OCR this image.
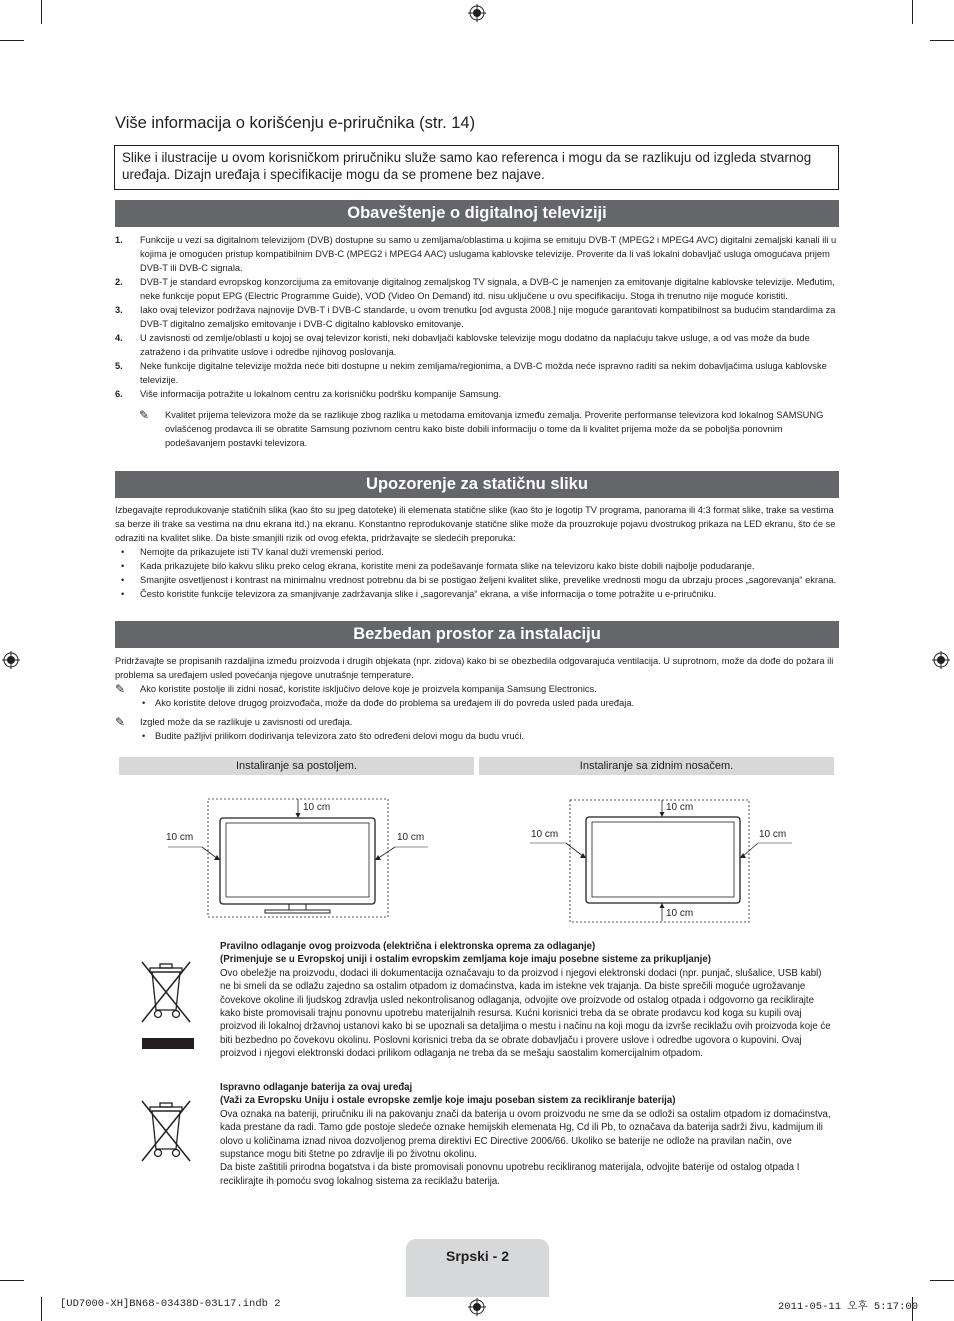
Više informacija o korišćenju e-priručnika (str. 14)
Slike i ilustracije u ovom korisničkom priručniku služe samo kao referenca i mogu da se razlikuju od izgleda stvarnog uređaja. Dizajn uređaja i specifikacije mogu da se promene bez najave.
Obaveštenje o digitalnoj televiziji
1. Funkcije u vezi sa digitalnom televizijom (DVB) dostupne su samo u zemljama/oblastima u kojima se emituju DVB-T (MPEG2 i MPEG4 AVC) digitalni zemaljski kanali ili u kojima je omogućen pristup kompatibilnim DVB-C (MPEG2 i MPEG4 AAC) uslugama kablovske televizije. Proverite da li vaš lokalni dobavljač usluga omogućava prijem DVB-T ili DVB-C signala.
2. DVB-T je standard evropskog konzorcijuma za emitovanje digitalnog zemaljskog TV signala, a DVB-C je namenjen za emitovanje digitalne kablovske televizije. Međutim, neke funkcije poput EPG (Electric Programme Guide), VOD (Video On Demand) itd. nisu uključene u ovu specifikaciju. Stoga ih trenutno nije moguće koristiti.
3. Iako ovaj televizor podržava najnovije DVB-T i DVB-C standarde, u ovom trenutku [od avgusta 2008.] nije moguće garantovati kompatibilnost sa budućim standardima za DVB-T digitalno zemaljsko emitovanje i DVB-C digitalno kablovsko emitovanje.
4. U zavisnosti od zemlje/oblasti u kojoj se ovaj televizor koristi, neki dobavljači kablovske televizije mogu dodatno da naplaćuju takve usluge, a od vas može da bude zatraženo i da prihvatite uslove i odredbe njihovog poslovanja.
5. Neke funkcije digitalne televizije možda neće biti dostupne u nekim zemljama/regionima, a DVB-C možda neće ispravno raditi sa nekim dobavljačima usluga kablovske televizije.
6. Više informacija potražite u lokalnom centru za korisničku podršku kompanije Samsung.
✎ Kvalitet prijema televizora može da se razlikuje zbog razlika u metodama emitovanja između zemalja. Proverite performanse televizora kod lokalnog SAMSUNG ovlašćenog prodavca ili se obratite Samsung pozivnom centru kako biste dobili informaciju o tome da li kvalitet prijema može da se poboljša ponovnim podešavanjem postavki televizora.
Upozorenje za statičnu sliku
Izbegavajte reprodukovanje statičnih slika (kao što su jpeg datoteke) ili elemenata statične slike (kao što je logotip TV programa, panorama ili 4:3 format slike, trake sa vestima sa berze ili trake sa vestima na dnu ekrana itd.) na ekranu. Konstantno reprodukovanje statične slike može da prouzrokuje pojavu dvostrukog prikaza na LED ekranu, što će se odraziti na kvalitet slike. Da biste smanjili rizik od ovog efekta, pridržavajte se sledećih preporuka:
• Nemojte da prikazujete isti TV kanal duži vremenski period.
• Kada prikazujete bilo kakvu sliku preko celog ekrana, koristite meni za podešavanje formata slike na televizoru kako biste dobili najbolje podudaranje.
• Smanjite osvetljenost i kontrast na minimalnu vrednost potrebnu da bi se postigao željeni kvalitet slike, prevelike vrednosti mogu da ubrzaju proces „sagorevanja“ ekrana.
• Često koristite funkcije televizora za smanjivanje zadržavanja slike i „sagorevanja“ ekrana, a više informacija o tome potražite u e-priručniku.
Bezbedan prostor za instalaciju
Pridržavajte se propisanih razdaljina između proizvoda i drugih objekata (npr. zidova) kako bi se obezbedila odgovarajuća ventilacija. U suprotnom, može da dođe do požara ili problema sa uređajem usled povećanja njegove unutrašnje temperature.
✎ Ako koristite postolje ili zidni nosač, koristite isključivo delove koje je proizvela kompanija Samsung Electronics.
• Ako koristite delove drugog proizvođača, može da dođe do problema sa uređajem ili do povreda usled pada uređaja.
✎ Izgled može da se razlikuje u zavisnosti od uređaja.
• Budite pažljivi prilikom dodirivanja televizora zato što određeni delovi mogu da budu vrući.
Instaliranje sa postoljem.	Instaliranje sa zidnim nosačem.
10 cm
10 cm	10 cm
10 cm
10 cm	10 cm
10 cm
Pravilno odlaganje ovog proizvoda (električna i elektronska oprema za odlaganje)
(Primenjuje se u Evropskoj uniji i ostalim evropskim zemljama koje imaju posebne sisteme za prikupljanje)
Ovo obeležje na proizvodu, dodaci ili dokumentacija označavaju to da proizvod i njegovi elektronski dodaci (npr. punjač, slušalice, USB kabl) ne bi smeli da se odlažu zajedno sa ostalim otpadom iz domaćinstva, kada im istekne vek trajanja. Da biste sprečili moguće ugrožavanje čovekove okoline ili ljudskog zdravlja usled nekontrolisanog odlaganja, odvojite ove proizvode od ostalog otpada i odgovorno ga reciklirajte kako biste promovisali trajnu ponovnu upotrebu materijalnih resursa. Kućni korisnici treba da se obrate prodavcu kod koga su kupili ovaj proizvod ili lokalnoj državnoj ustanovi kako bi se upoznali sa detaljima o mestu i načinu na koji mogu da izvrše reciklažu ovih proizvoda koje će biti bezbedno po čovekovu okolinu. Poslovni korisnici treba da se obrate dobavljaču i provere uslove i odredbe ugovora o kupovini. Ovaj proizvod i njegovi elektronski dodaci prilikom odlaganja ne treba da se mešaju saostalim komercijalnim otpadom.
Ispravno odlaganje baterija za ovaj uređaj
(Važi za Evropsku Uniju i ostale evropske zemlje koje imaju poseban sistem za recikliranje baterija)
Ova oznaka na bateriji, priručniku ili na pakovanju znači da baterija u ovom proizvodu ne sme da se odloži sa ostalim otpadom iz domaćinstva, kada prestane da radi. Tamo gde postoje sledeće oznake hemijskih elemenata Hg, Cd ili Pb, to označava da baterija sadrži živu, kadmijum ili olovo u količinama iznad nivoa dozvoljenog prema direktivi EC Directive 2006/66. Ukoliko se baterije ne odlože na pravilan način, ove supstance mogu biti štetne po zdravlje ili po životnu okolinu.
Da biste zaštitili prirodna bogatstva i da biste promovisali ponovnu upotrebu recikliranog materijala, odvojite baterije od ostalog otpada I reciklirajte ih pomoću svog lokalnog sistema za reciklažu baterija.
Srpski - 2
[UD7000-XH]BN68-03438D-03L17.indb 2	2011-05-11 오후 5:17:00
